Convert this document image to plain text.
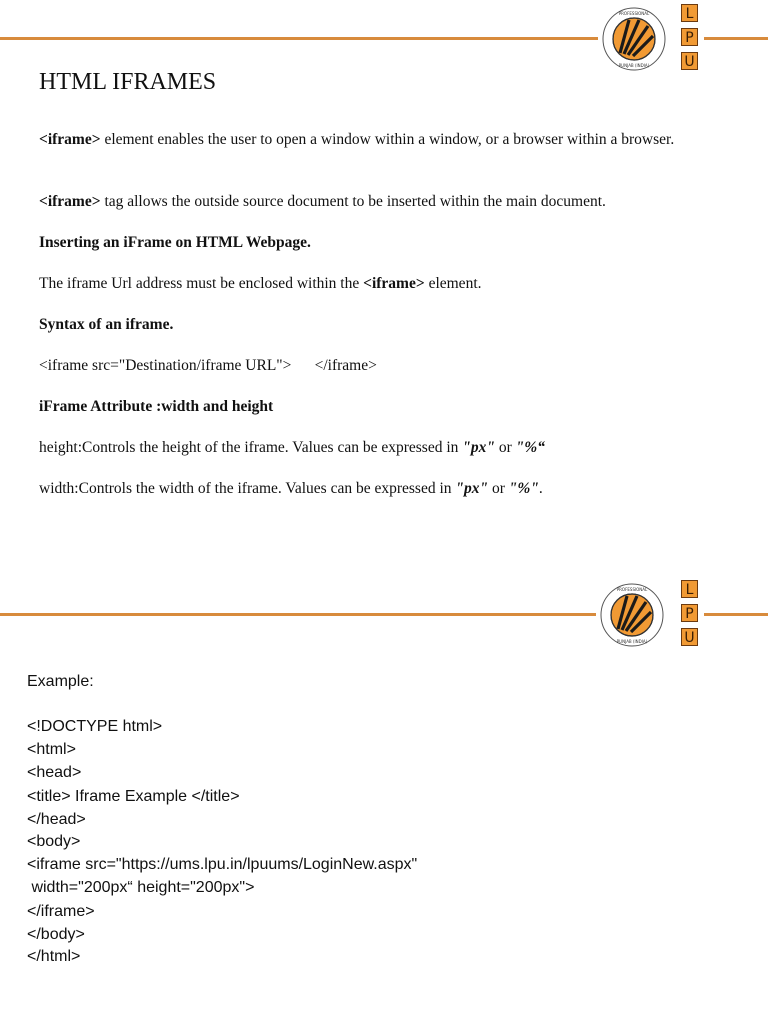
PROFESSIONAL
PUNJAB (INDIA)
L
P
U
HTML IFRAMES
<iframe> element enables the user to open a window within a window, or a browser within a browser.
<iframe> tag allows the outside source document to be inserted within the main document.
Inserting an iFrame on HTML Webpage.
The iframe Url address must be enclosed within the <iframe> element.
Syntax of an iframe.
<iframe src="Destination/iframe URL">      </iframe>
iFrame Attribute :width and height
height:Controls the height of the iframe. Values can be expressed in "px" or "%“
width:Controls the width of the iframe. Values can be expressed in "px" or "%".
PROFESSIONAL
PUNJAB (INDIA)
L
P
U
Example:
<!DOCTYPE html>
<html>
<head>
<title> Iframe Example </title>
</head>
<body>
<iframe src="https://ums.lpu.in/lpuums/LoginNew.aspx"
width="200px“ height="200px">
</iframe>
</body>
</html>
